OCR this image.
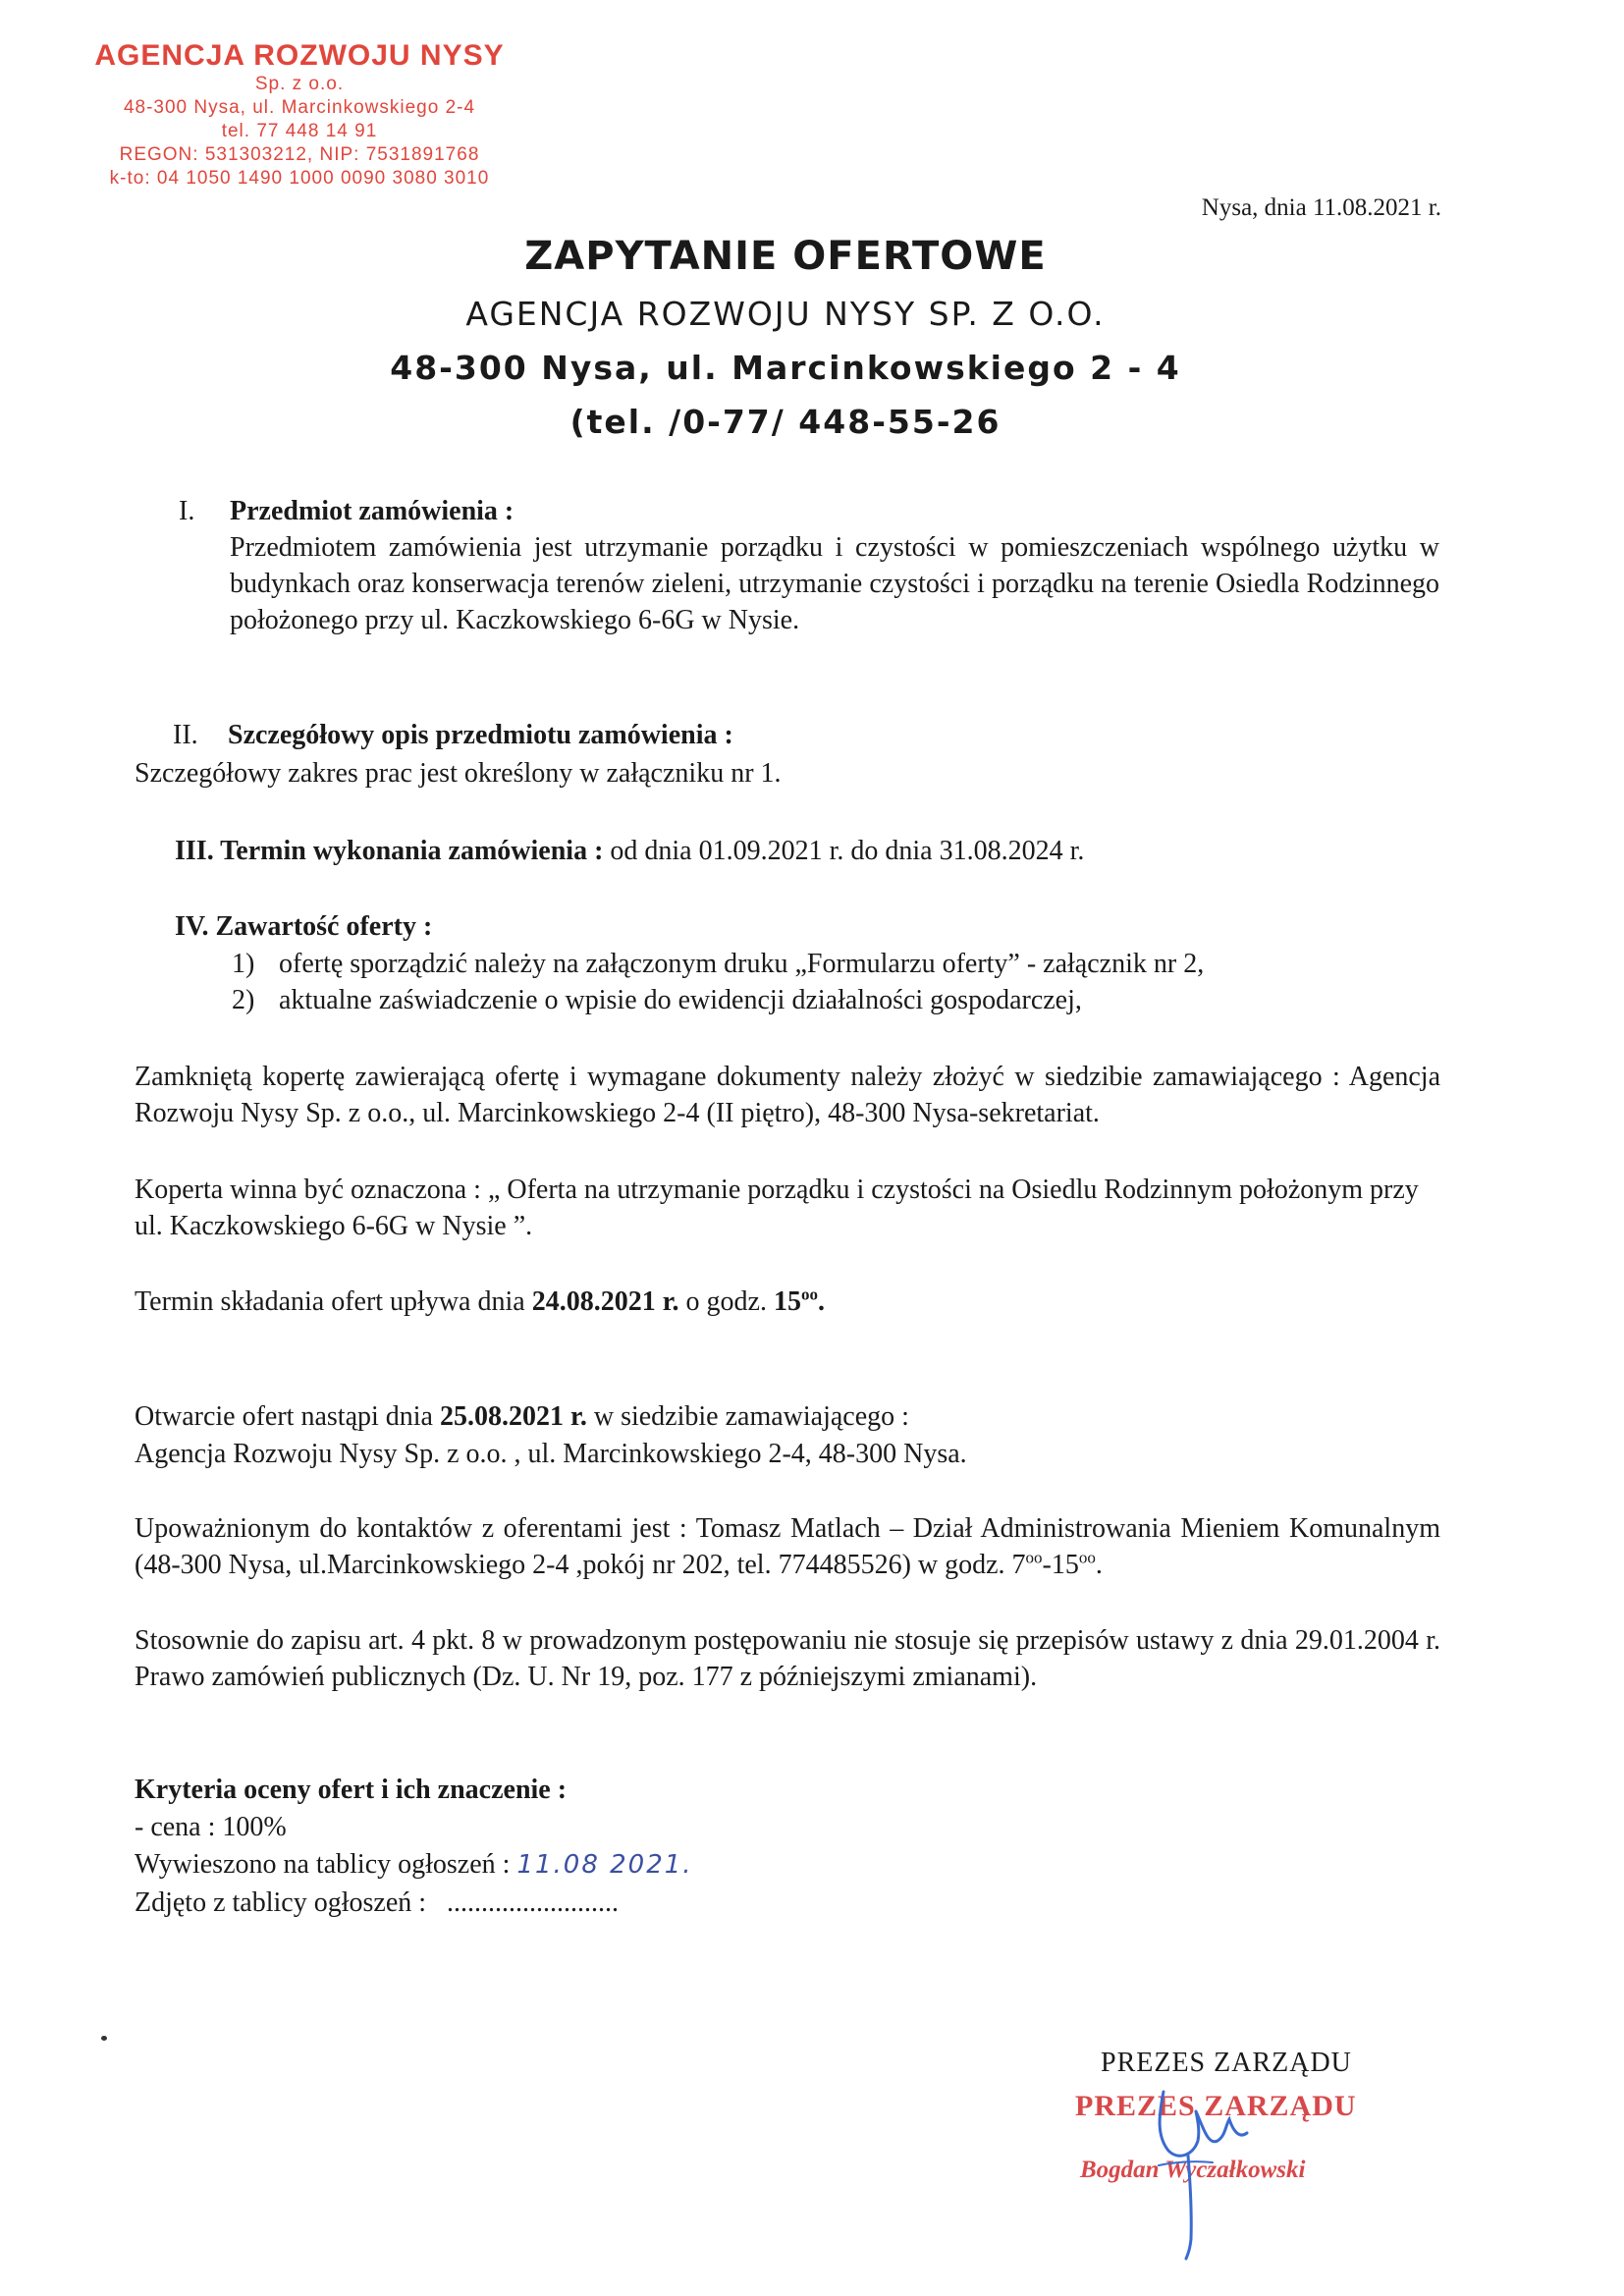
AGENCJA ROZWOJU NYSY
Sp. z o.o.
48-300 Nysa, ul. Marcinkowskiego 2-4
tel. 77 448 14 91
REGON: 531303212, NIP: 7531891768
k-to: 04 1050 1490 1000 0090 3080 3010
Nysa, dnia 11.08.2021 r.
ZAPYTANIE OFERTOWE
AGENCJA ROZWOJU NYSY SP. Z O.O.
48-300 Nysa, ul. Marcinkowskiego 2 - 4
(tel. /0-77/ 448-55-26
I. Przedmiot zamówienia :
Przedmiotem zamówienia jest utrzymanie porządku i czystości w pomieszczeniach wspólnego użytku w budynkach oraz konserwacja terenów zieleni, utrzymanie czystości i porządku na terenie Osiedla Rodzinnego położonego przy ul. Kaczkowskiego 6-6G w Nysie.
II. Szczegółowy opis przedmiotu zamówienia :
Szczegółowy zakres prac jest określony w załączniku nr 1.
III. Termin wykonania zamówienia : od dnia 01.09.2021 r. do dnia 31.08.2024 r.
IV. Zawartość oferty :
1) ofertę sporządzić należy na załączonym druku „Formularzu oferty” - załącznik nr 2,
2) aktualne zaświadczenie o wpisie do ewidencji działalności gospodarczej,
Zamkniętą kopertę zawierającą ofertę i wymagane dokumenty należy złożyć w siedzibie zamawiającego : Agencja Rozwoju Nysy Sp. z o.o., ul. Marcinkowskiego 2-4 (II piętro), 48-300 Nysa-sekretariat.
Koperta winna być oznaczona : „ Oferta na utrzymanie porządku i czystości na Osiedlu Rodzinnym położonym przy ul. Kaczkowskiego 6-6G w Nysie ”.
Termin składania ofert upływa dnia 24.08.2021 r. o godz. $15^{oo}$.
Otwarcie ofert nastąpi dnia 25.08.2021 r. w siedzibie zamawiającego :
Agencja Rozwoju Nysy Sp. z o.o. , ul. Marcinkowskiego 2-4, 48-300 Nysa.
Upoważnionym do kontaktów z oferentami jest : Tomasz Matlach – Dział Administrowania Mieniem Komunalnym (48-300 Nysa, ul.Marcinkowskiego 2-4 ,pokój nr 202, tel. 774485526) w godz. $7^{oo}-15^{oo}$.
Stosownie do zapisu art. 4 pkt. 8 w prowadzonym postępowaniu nie stosuje się przepisów ustawy z dnia 29.01.2004 r. Prawo zamówień publicznych (Dz. U. Nr 19, poz. 177 z późniejszymi zmianami).
Kryteria oceny ofert i ich znaczenie :
- cena : 100%
Wywieszono na tablicy ogłoszeń : 11.08 2021.
Zdjęto z tablicy ogłoszeń : .........................
PREZES ZARZĄDU
PREZES ZARZĄDU
Bogdan Wyczałkowski
